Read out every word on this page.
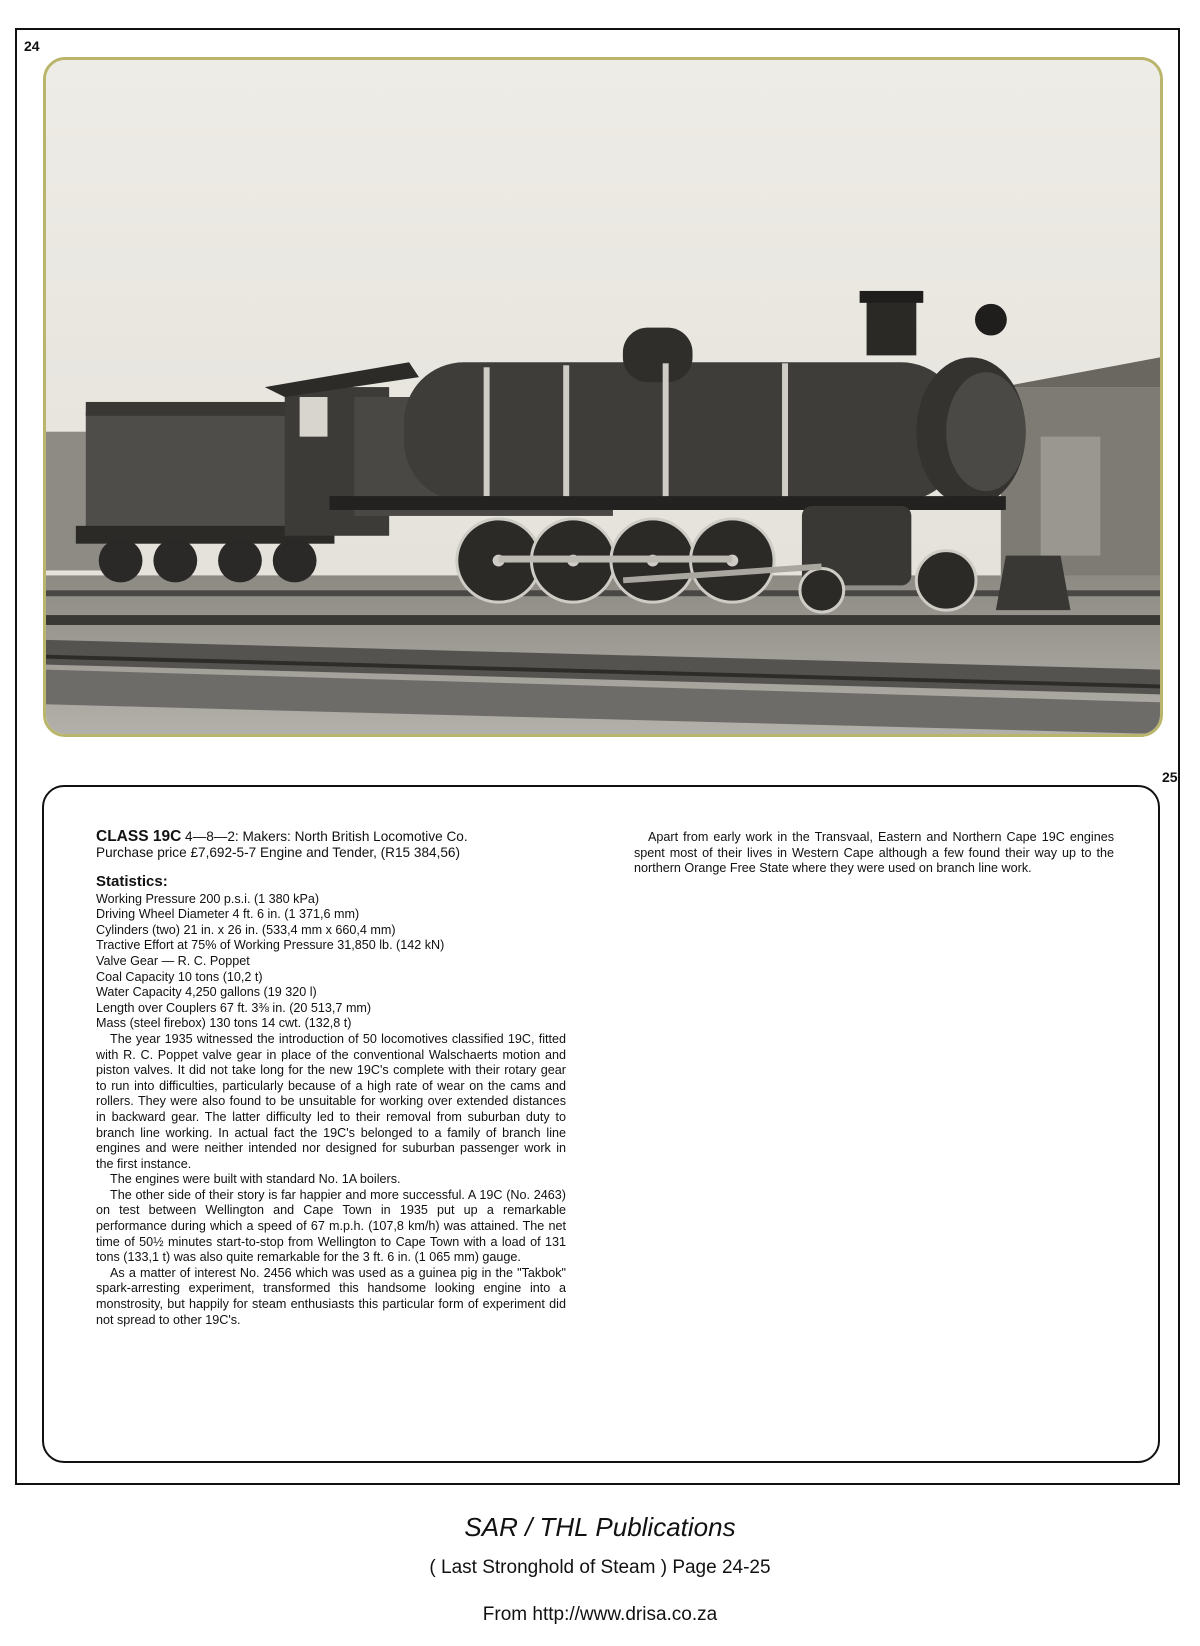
24
25
CLASS 19C 4—8—2: Makers: North British Locomotive Co.
Purchase price £7,692-5-7 Engine and Tender, (R15 384,56)
Statistics:
Working Pressure 200 p.s.i. (1 380 kPa)
Driving Wheel Diameter 4 ft. 6 in. (1 371,6 mm)
Cylinders (two) 21 in. x 26 in. (533,4 mm x 660,4 mm)
Tractive Effort at 75% of Working Pressure 31,850 lb. (142 kN)
Valve Gear — R. C. Poppet
Coal Capacity 10 tons (10,2 t)
Water Capacity 4,250 gallons (19 320 l)
Length over Couplers 67 ft. 3⅜ in. (20 513,7 mm)
Mass (steel firebox) 130 tons 14 cwt. (132,8 t)
The year 1935 witnessed the introduction of 50 locomotives classified 19C, fitted with R. C. Poppet valve gear in place of the conventional Walschaerts motion and piston valves. It did not take long for the new 19C's complete with their rotary gear to run into difficulties, particularly because of a high rate of wear on the cams and rollers. They were also found to be unsuitable for working over extended distances in backward gear. The latter difficulty led to their removal from suburban duty to branch line working. In actual fact the 19C's belonged to a family of branch line engines and were neither intended nor designed for suburban passenger work in the first instance.
The engines were built with standard No. 1A boilers.
The other side of their story is far happier and more successful. A 19C (No. 2463) on test between Wellington and Cape Town in 1935 put up a remarkable performance during which a speed of 67 m.p.h. (107,8 km/h) was attained. The net time of 50½ minutes start-to-stop from Wellington to Cape Town with a load of 131 tons (133,1 t) was also quite remarkable for the 3 ft. 6 in. (1 065 mm) gauge.
As a matter of interest No. 2456 which was used as a guinea pig in the "Takbok" spark-arresting experiment, transformed this handsome looking engine into a monstrosity, but happily for steam enthusiasts this particular form of experiment did not spread to other 19C's.
Apart from early work in the Transvaal, Eastern and Northern Cape 19C engines spent most of their lives in Western Cape although a few found their way up to the northern Orange Free State where they were used on branch line work.
SAR / THL Publications
( Last Stronghold of Steam ) Page 24-25
From http://www.drisa.co.za
